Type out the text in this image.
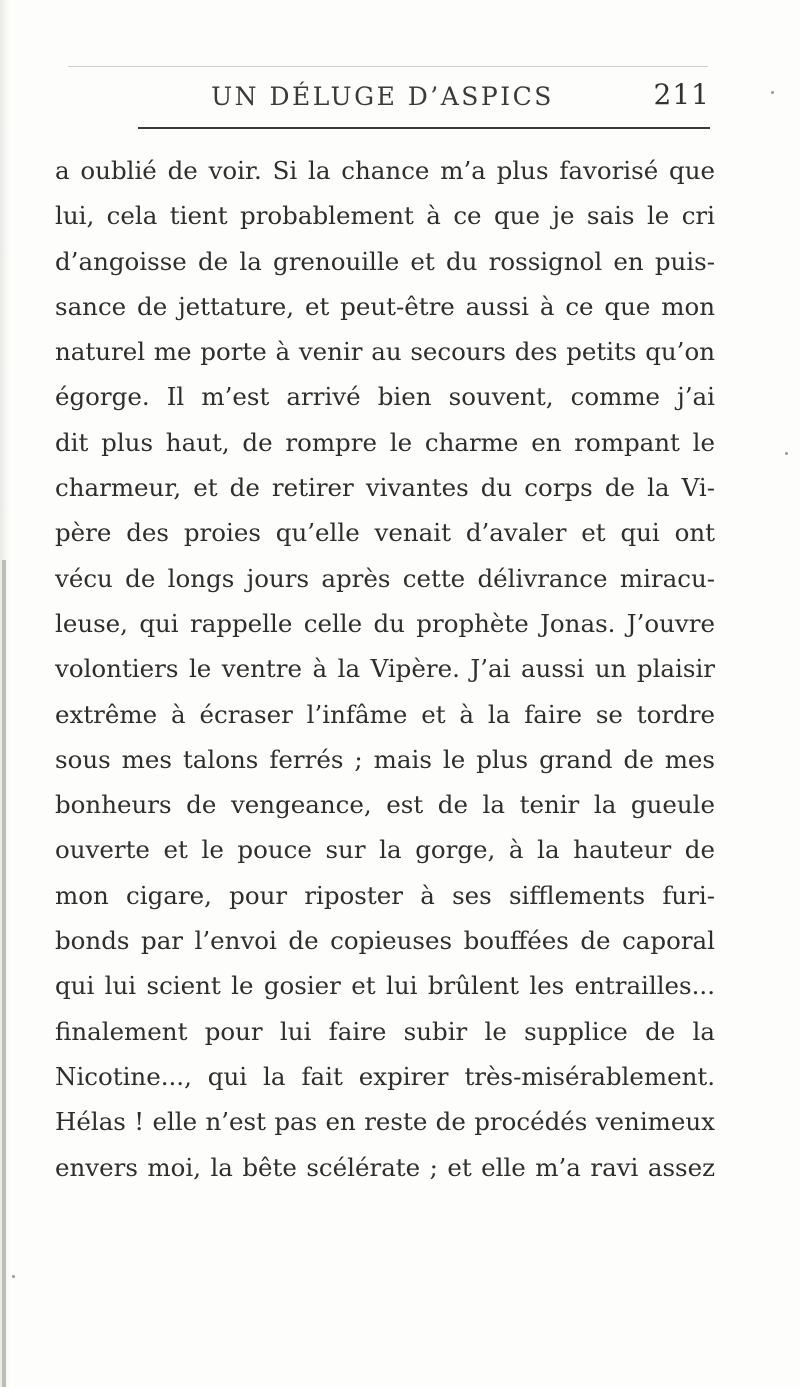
UN DÉLUGE D’ASPICS	211
a oublié de voir. Si la chance m’a plus favorisé que
lui, cela tient probablement à ce que je sais le cri
d’angoisse de la grenouille et du rossignol en puis-
sance de jettature, et peut-être aussi à ce que mon
naturel me porte à venir au secours des petits qu’on
égorge. Il m’est arrivé bien souvent, comme j’ai
dit plus haut, de rompre le charme en rompant le
charmeur, et de retirer vivantes du corps de la Vi-
père des proies qu’elle venait d’avaler et qui ont
vécu de longs jours après cette délivrance miracu-
leuse, qui rappelle celle du prophète Jonas. J’ouvre
volontiers le ventre à la Vipère. J’ai aussi un plaisir
extrême à écraser l’infâme et à la faire se tordre
sous mes talons ferrés ; mais le plus grand de mes
bonheurs de vengeance, est de la tenir la gueule
ouverte et le pouce sur la gorge, à la hauteur de
mon cigare, pour riposter à ses sifflements furi-
bonds par l’envoi de copieuses bouffées de caporal
qui lui scient le gosier et lui brûlent les entrailles...
finalement pour lui faire subir le supplice de la
Nicotine..., qui la fait expirer très-misérablement.
Hélas ! elle n’est pas en reste de procédés venimeux
envers moi, la bête scélérate ; et elle m’a ravi assez
